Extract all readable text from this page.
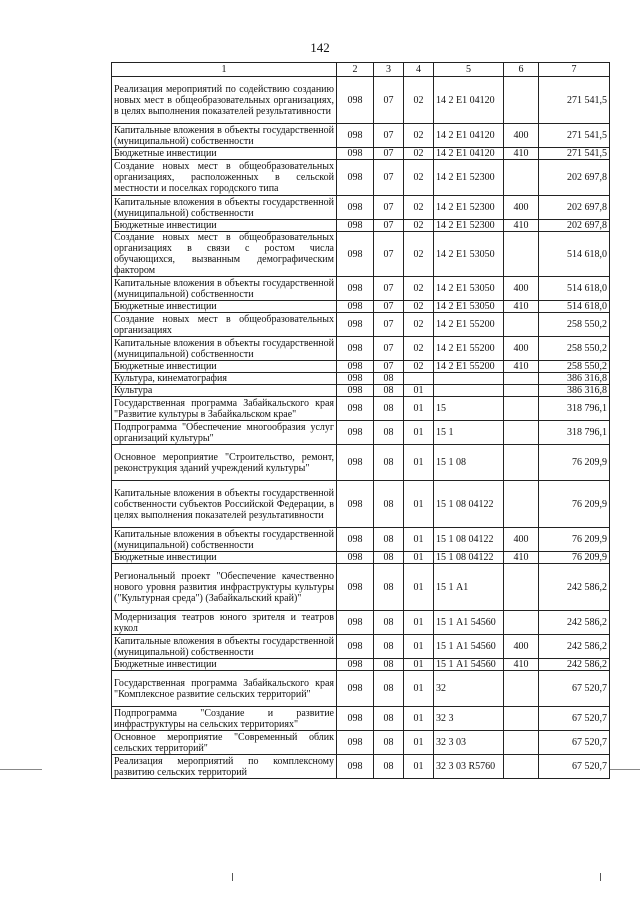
142
1	2	3	4	5	6	7
Реализация мероприятий по содействию созданию новых мест в общеобразовательных организациях, в целях выполнения показателей результативности	098	07	02	14 2 Е1 04120		271 541,5
Капитальные вложения в объекты государственной (муниципальной) собственности	098	07	02	14 2 Е1 04120	400	271 541,5
Бюджетные инвестиции	098	07	02	14 2 Е1 04120	410	271 541,5
Создание новых мест в общеобразовательных организациях, расположенных в сельской местности и поселках городского типа	098	07	02	14 2 Е1 52300		202 697,8
Капитальные вложения в объекты государственной (муниципальной) собственности	098	07	02	14 2 Е1 52300	400	202 697,8
Бюджетные инвестиции	098	07	02	14 2 Е1 52300	410	202 697,8
Создание новых мест в общеобразовательных организациях в связи с ростом числа обучающихся, вызванным демографическим фактором	098	07	02	14 2 Е1 53050		514 618,0
Капитальные вложения в объекты государственной (муниципальной) собственности	098	07	02	14 2 Е1 53050	400	514 618,0
Бюджетные инвестиции	098	07	02	14 2 Е1 53050	410	514 618,0
Создание новых мест в общеобразовательных организациях	098	07	02	14 2 Е1 55200		258 550,2
Капитальные вложения в объекты государственной (муниципальной) собственности	098	07	02	14 2 Е1 55200	400	258 550,2
Бюджетные инвестиции	098	07	02	14 2 Е1 55200	410	258 550,2
Культура, кинематография	098	08				386 316,8
Культура	098	08	01			386 316,8
Государственная программа Забайкальского края "Развитие культуры в Забайкальском крае"	098	08	01	15		318 796,1
Подпрограмма "Обеспечение многообразия услуг организаций культуры"	098	08	01	15 1		318 796,1
Основное мероприятие "Строительство, ремонт, реконструкция зданий учреждений культуры"	098	08	01	15 1 08		76 209,9
Капитальные вложения в объекты государственной собственности субъектов Российской Федерации, в целях выполнения показателей результативности	098	08	01	15 1 08 04122		76 209,9
Капитальные вложения в объекты государственной (муниципальной) собственности	098	08	01	15 1 08 04122	400	76 209,9
Бюджетные инвестиции	098	08	01	15 1 08 04122	410	76 209,9
Региональный проект "Обеспечение качественно нового уровня развития инфраструктуры культуры ("Культурная среда") (Забайкальский край)"	098	08	01	15 1 А1		242 586,2
Модернизация театров юного зрителя и театров кукол	098	08	01	15 1 А1 54560		242 586,2
Капитальные вложения в объекты государственной (муниципальной) собственности	098	08	01	15 1 А1 54560	400	242 586,2
Бюджетные инвестиции	098	08	01	15 1 А1 54560	410	242 586,2
Государственная программа Забайкальского края "Комплексное развитие сельских территорий"	098	08	01	32		67 520,7
Подпрограмма "Создание и развитие инфраструктуры на сельских территориях"	098	08	01	32 3		67 520,7
Основное мероприятие "Современный облик сельских территорий"	098	08	01	32 3 03		67 520,7
Реализация мероприятий по комплексному развитию сельских территорий	098	08	01	32 3 03 R5760		67 520,7
